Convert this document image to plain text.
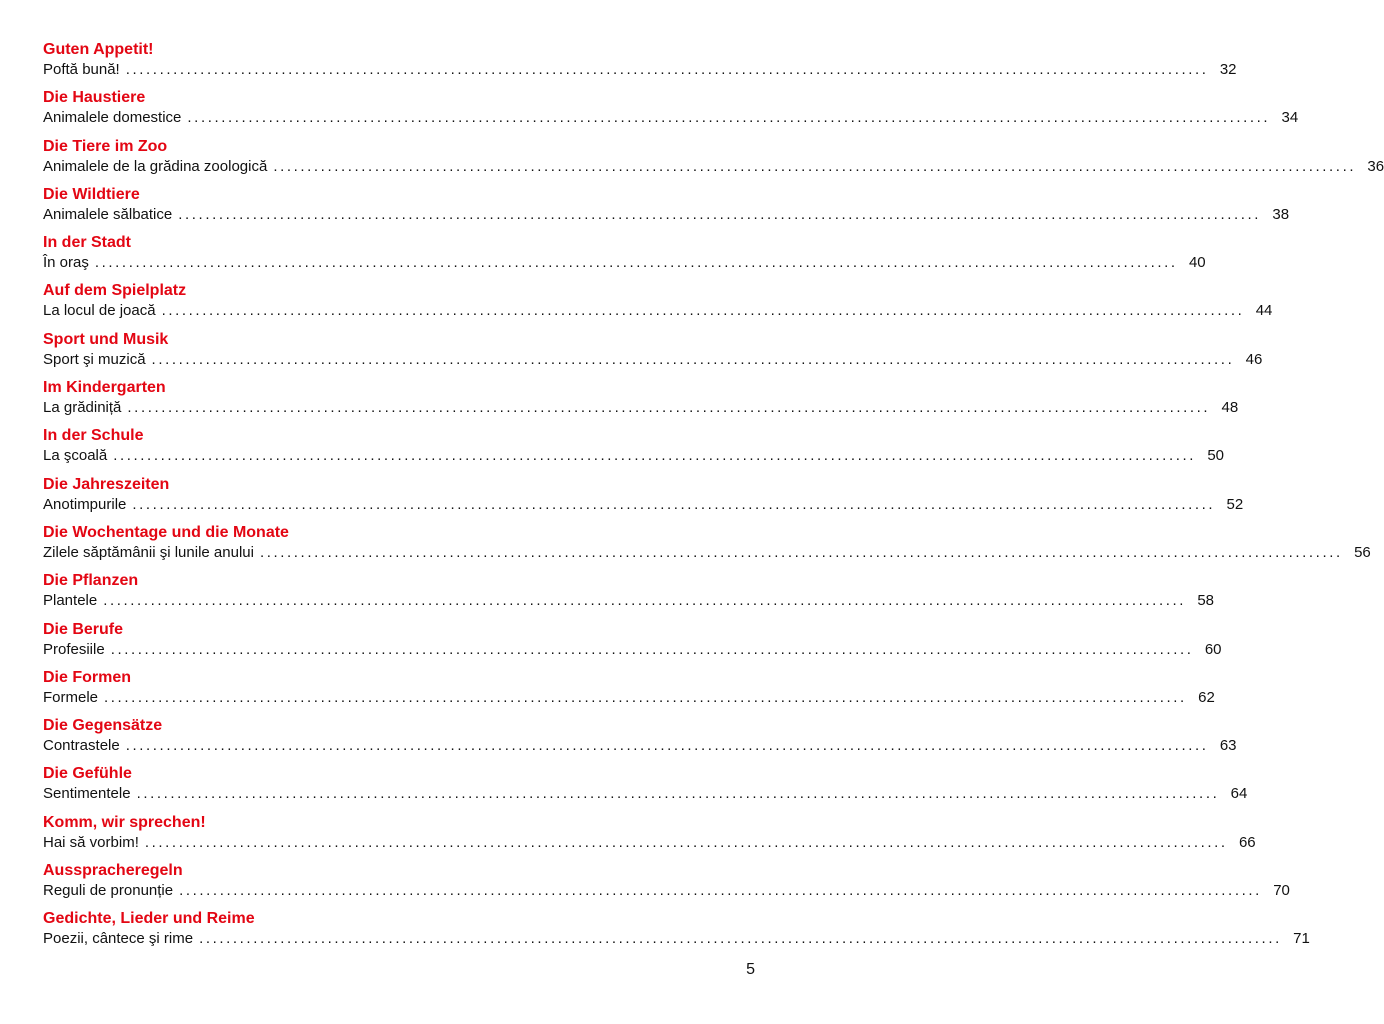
Guten Appetit!
Poftă bună! ................................................................................................................................................................ 32
Die Haustiere
Animalele domestice ................................................................................................................................................................ 34
Die Tiere im Zoo
Animalele de la grădina zoologică ................................................................................................................................................................ 36
Die Wildtiere
Animalele sălbatice ................................................................................................................................................................ 38
In der Stadt
În oraş ................................................................................................................................................................ 40
Auf dem Spielplatz
La locul de joacă ................................................................................................................................................................ 44
Sport und Musik
Sport şi muzică ................................................................................................................................................................ 46
Im Kindergarten
La grădiniță ................................................................................................................................................................ 48
In der Schule
La şcoală ................................................................................................................................................................ 50
Die Jahreszeiten
Anotimpurile ................................................................................................................................................................ 52
Die Wochentage und die Monate
Zilele săptămânii şi lunile anului ................................................................................................................................................................ 56
Die Pflanzen
Plantele ................................................................................................................................................................ 58
Die Berufe
Profesiile ................................................................................................................................................................ 60
Die Formen
Formele ................................................................................................................................................................ 62
Die Gegensätze
Contrastele ................................................................................................................................................................ 63
Die Gefühle
Sentimentele ................................................................................................................................................................ 64
Komm, wir sprechen!
Hai să vorbim! ................................................................................................................................................................ 66
Ausspracheregeln
Reguli de pronunție ................................................................................................................................................................ 70
Gedichte, Lieder und Reime
Poezii, cântece şi rime ................................................................................................................................................................ 71
5
